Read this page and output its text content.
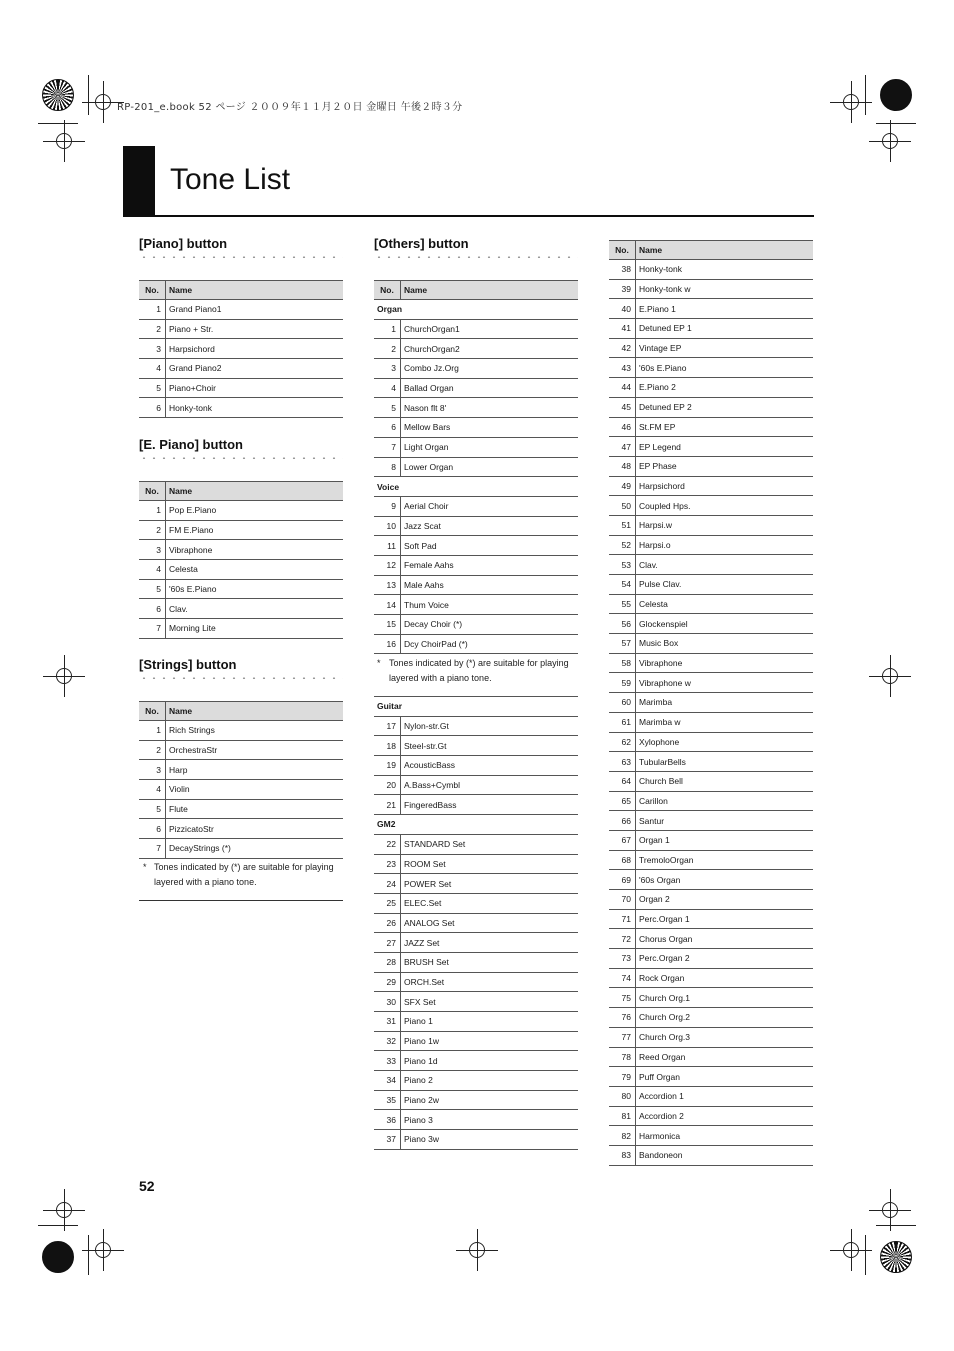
RP-201_e.book 52 ページ ２００９年１１月２０日 金曜日 午後２時３分
Tone List
[Piano] button
No.	Name
1	Grand Piano1
2	Piano + Str.
3	Harpsichord
4	Grand Piano2
5	Piano+Choir
6	Honky-tonk
[E. Piano] button
No.	Name
1	Pop E.Piano
2	FM E.Piano
3	Vibraphone
4	Celesta
5	'60s E.Piano
6	Clav.
7	Morning Lite
[Strings] button
No.	Name
1	Rich Strings
2	OrchestraStr
3	Harp
4	Violin
5	Flute
6	PizzicatoStr
7	DecayStrings (*)
* Tones indicated by (*) are suitable for playing layered with a piano tone.
[Others] button
No.	Name
Organ	
1	ChurchOrgan1
2	ChurchOrgan2
3	Combo Jz.Org
4	Ballad Organ
5	Nason flt 8'
6	Mellow Bars
7	Light Organ
8	Lower Organ
Voice	
9	Aerial Choir
10	Jazz Scat
11	Soft Pad
12	Female Aahs
13	Male Aahs
14	Thum Voice
15	Decay Choir (*)
16	Dcy ChoirPad (*)
* Tones indicated by (*) are suitable for playing layered with a piano tone.
Guitar	
17	Nylon-str.Gt
18	Steel-str.Gt
19	AcousticBass
20	A.Bass+Cymbl
21	FingeredBass
GM2	
22	STANDARD Set
23	ROOM Set
24	POWER Set
25	ELEC.Set
26	ANALOG Set
27	JAZZ Set
28	BRUSH Set
29	ORCH.Set
30	SFX Set
31	Piano 1
32	Piano 1w
33	Piano 1d
34	Piano 2
35	Piano 2w
36	Piano 3
37	Piano 3w
No.	Name
38	Honky-tonk
39	Honky-tonk w
40	E.Piano 1
41	Detuned EP 1
42	Vintage EP
43	'60s E.Piano
44	E.Piano 2
45	Detuned EP 2
46	St.FM EP
47	EP Legend
48	EP Phase
49	Harpsichord
50	Coupled Hps.
51	Harpsi.w
52	Harpsi.o
53	Clav.
54	Pulse Clav.
55	Celesta
56	Glockenspiel
57	Music Box
58	Vibraphone
59	Vibraphone w
60	Marimba
61	Marimba w
62	Xylophone
63	TubularBells
64	Church Bell
65	Carillon
66	Santur
67	Organ 1
68	TremoloOrgan
69	'60s Organ
70	Organ 2
71	Perc.Organ 1
72	Chorus Organ
73	Perc.Organ 2
74	Rock Organ
75	Church Org.1
76	Church Org.2
77	Church Org.3
78	Reed Organ
79	Puff Organ
80	Accordion 1
81	Accordion 2
82	Harmonica
83	Bandoneon
52
